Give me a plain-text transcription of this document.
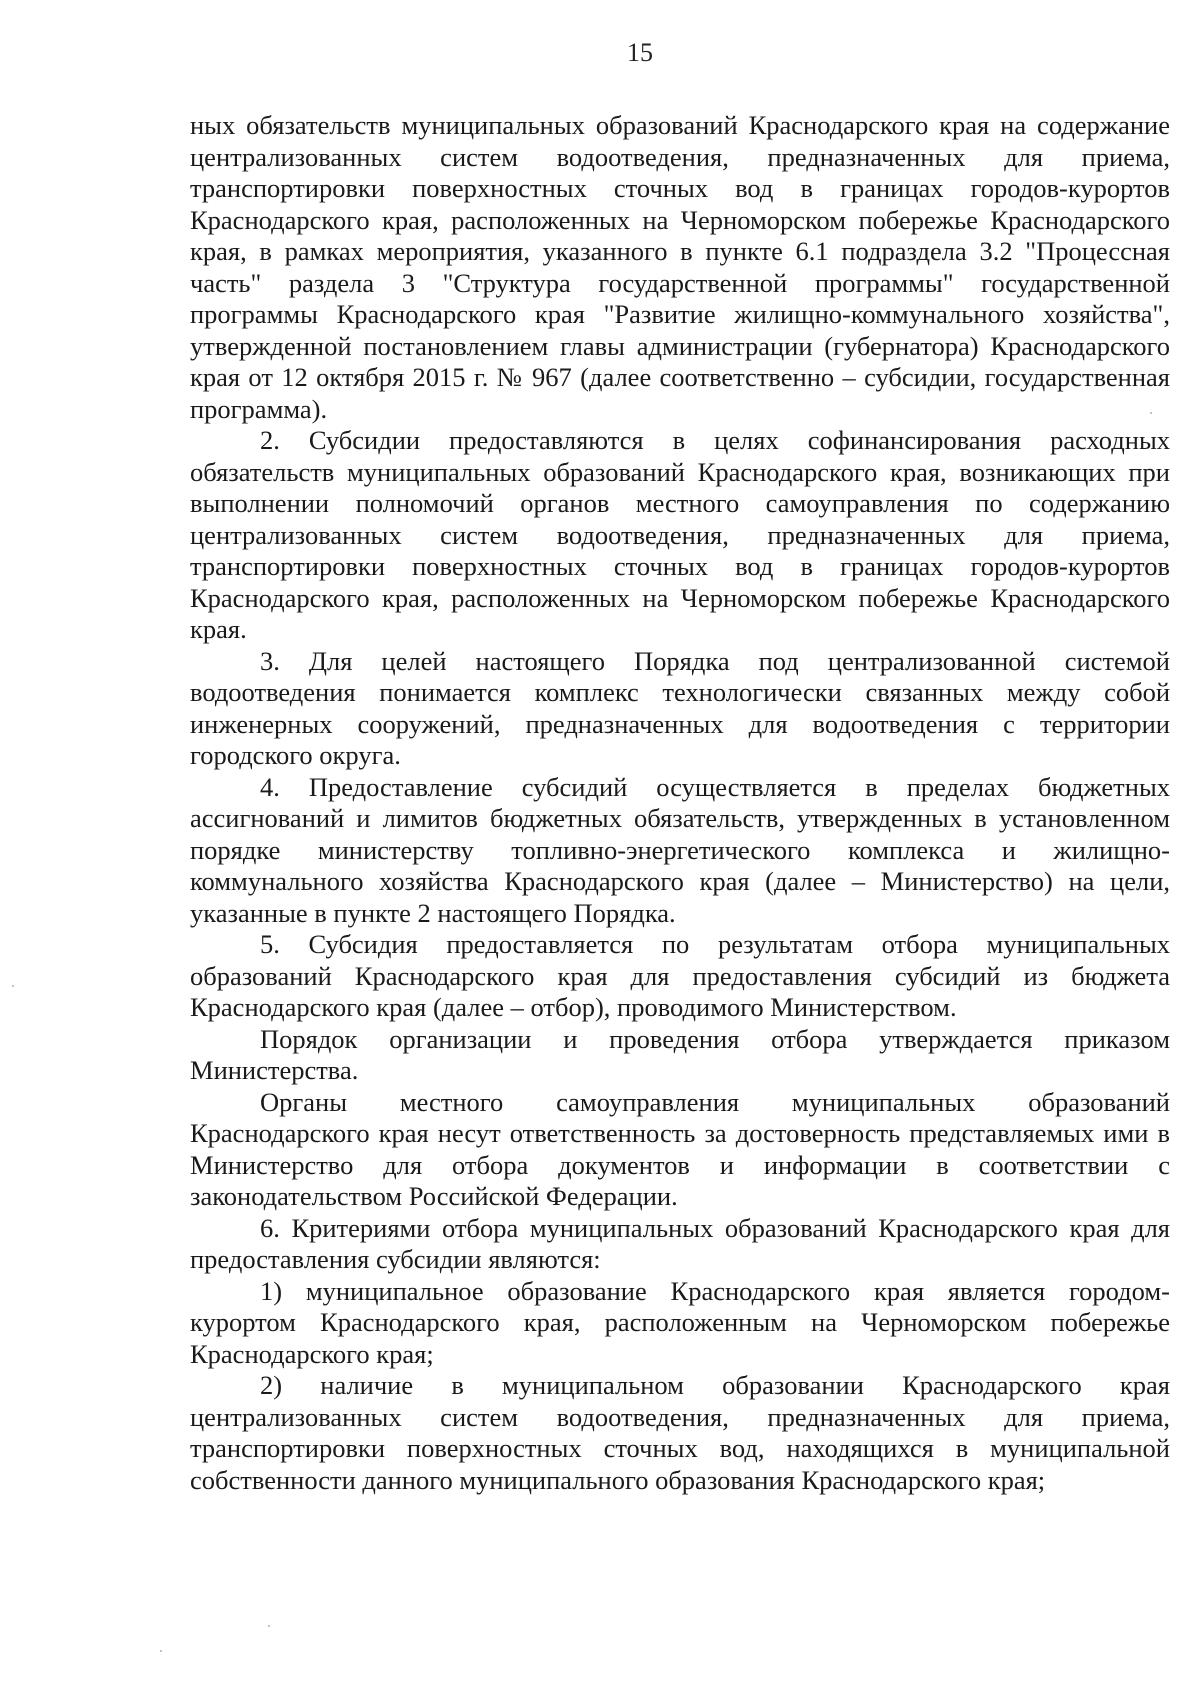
15

ных обязательств муниципальных образований Краснодарского края на содержание централизованных систем водоотведения, предназначенных для приема, транспортировки поверхностных сточных вод в границах городов-курортов Краснодарского края, расположенных на Черноморском побережье Краснодарского края, в рамках мероприятия, указанного в пункте 6.1 подраздела 3.2 "Процессная часть" раздела 3 "Структура государственной программы" государственной программы Краснодарского края "Развитие жилищно-коммунального хозяйства", утвержденной постановлением главы администрации (губернатора) Краснодарского края от 12 октября 2015 г. № 967 (далее соответственно – субсидии, государственная программа).

2. Субсидии предоставляются в целях софинансирования расходных обязательств муниципальных образований Краснодарского края, возникающих при выполнении полномочий органов местного самоуправления по содержанию централизованных систем водоотведения, предназначенных для приема, транспортировки поверхностных сточных вод в границах городов-курортов Краснодарского края, расположенных на Черноморском побережье Краснодарского края.

3. Для целей настоящего Порядка под централизованной системой водоотведения понимается комплекс технологически связанных между собой инженерных сооружений, предназначенных для водоотведения с территории городского округа.

4. Предоставление субсидий осуществляется в пределах бюджетных ассигнований и лимитов бюджетных обязательств, утвержденных в установленном порядке министерству топливно-энергетического комплекса и жилищно-коммунального хозяйства Краснодарского края (далее – Министерство) на цели, указанные в пункте 2 настоящего Порядка.

5. Субсидия предоставляется по результатам отбора муниципальных образований Краснодарского края для предоставления субсидий из бюджета Краснодарского края (далее – отбор), проводимого Министерством.

Порядок организации и проведения отбора утверждается приказом Министерства.

Органы местного самоуправления муниципальных образований Краснодарского края несут ответственность за достоверность представляемых ими в Министерство для отбора документов и информации в соответствии с законодательством Российской Федерации.

6. Критериями отбора муниципальных образований Краснодарского края для предоставления субсидии являются:

1) муниципальное образование Краснодарского края является городом-курортом Краснодарского края, расположенным на Черноморском побережье Краснодарского края;

2) наличие в муниципальном образовании Краснодарского края централизованных систем водоотведения, предназначенных для приема, транспортировки поверхностных сточных вод, находящихся в муниципальной собственности данного муниципального образования Краснодарского края;
